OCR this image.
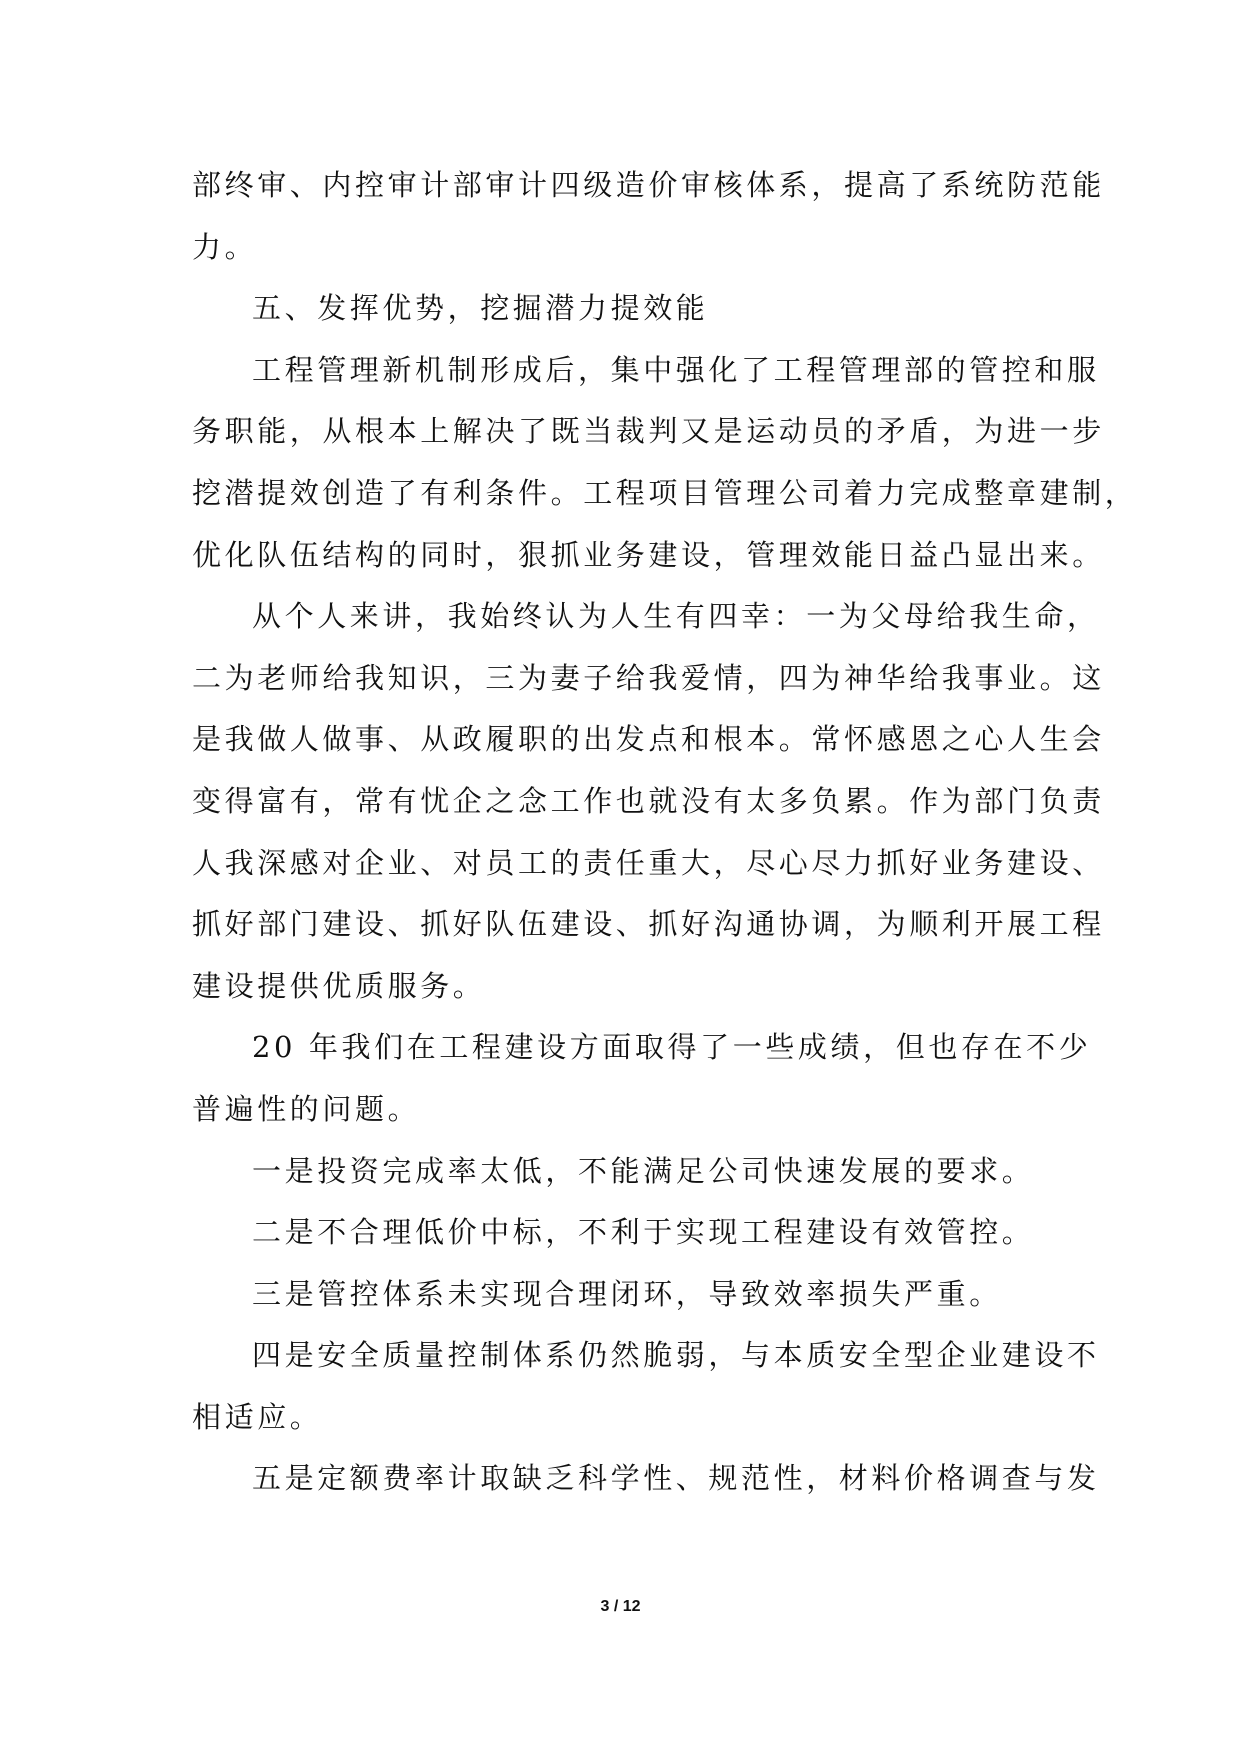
部终审、内控审计部审计四级造价审核体系，提高了系统防范能
力。
五、发挥优势，挖掘潜力提效能
工程管理新机制形成后，集中强化了工程管理部的管控和服
务职能，从根本上解决了既当裁判又是运动员的矛盾，为进一步
挖潜提效创造了有利条件。工程项目管理公司着力完成整章建制，
优化队伍结构的同时，狠抓业务建设，管理效能日益凸显出来。
从个人来讲，我始终认为人生有四幸：一为父母给我生命，
二为老师给我知识，三为妻子给我爱情，四为神华给我事业。这
是我做人做事、从政履职的出发点和根本。常怀感恩之心人生会
变得富有，常有忧企之念工作也就没有太多负累。作为部门负责
人我深感对企业、对员工的责任重大，尽心尽力抓好业务建设、
抓好部门建设、抓好队伍建设、抓好沟通协调，为顺利开展工程
建设提供优质服务。
20 年我们在工程建设方面取得了一些成绩，但也存在不少
普遍性的问题。
一是投资完成率太低，不能满足公司快速发展的要求。
二是不合理低价中标，不利于实现工程建设有效管控。
三是管控体系未实现合理闭环，导致效率损失严重。
四是安全质量控制体系仍然脆弱，与本质安全型企业建设不
相适应。
五是定额费率计取缺乏科学性、规范性，材料价格调查与发
3 / 12
